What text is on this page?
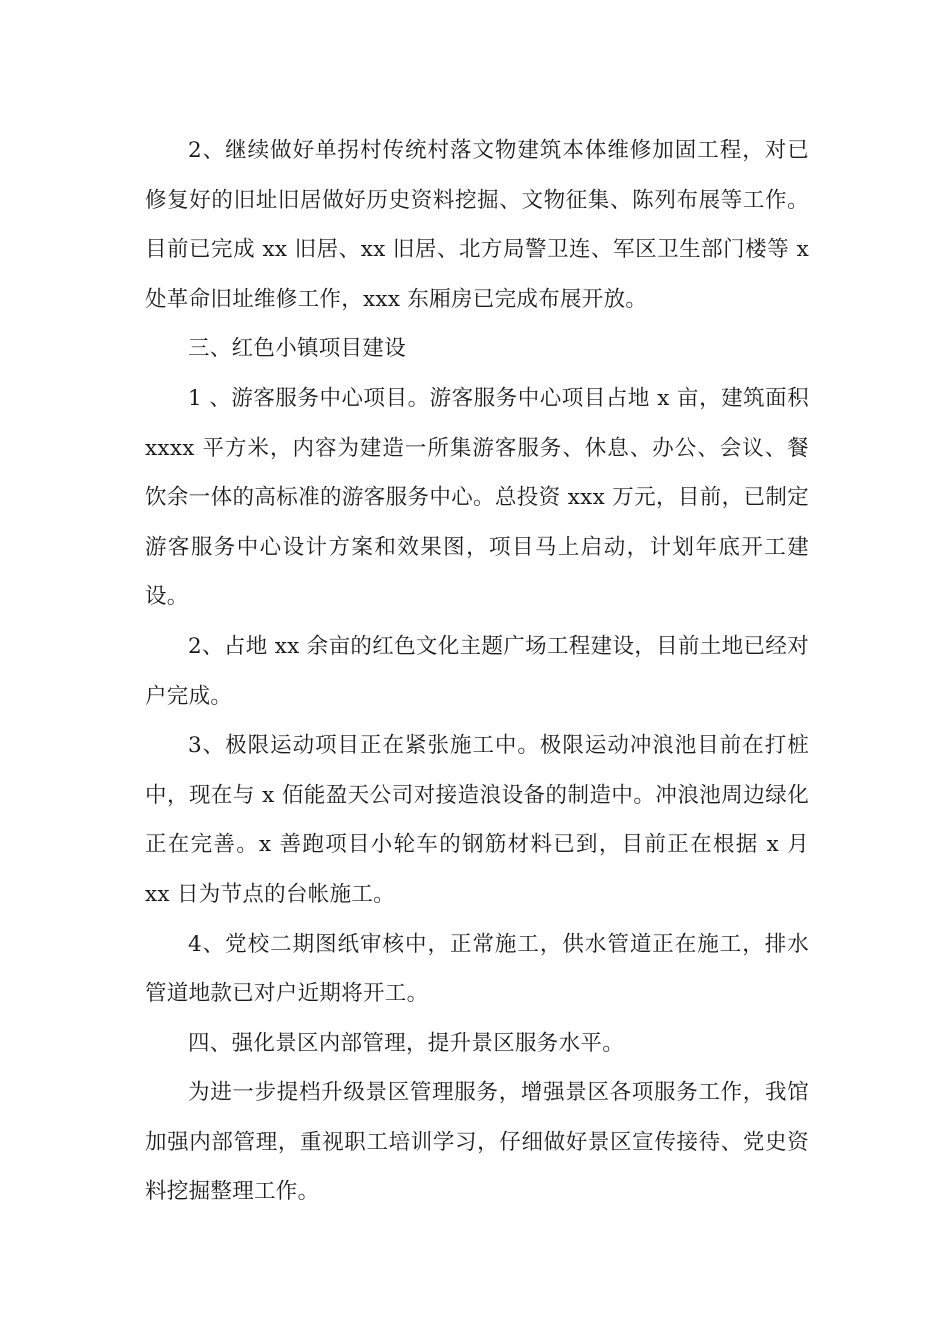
2、继续做好单拐村传统村落文物建筑本体维修加固工程，对已修复好的旧址旧居做好历史资料挖掘、文物征集、陈列布展等工作。目前已完成 xx 旧居、xx 旧居、北方局警卫连、军区卫生部门楼等 x 处革命旧址维修工作，xxx 东厢房已完成布展开放。

三、红色小镇项目建设

1 、游客服务中心项目。游客服务中心项目占地 x 亩，建筑面积 xxxx 平方米，内容为建造一所集游客服务、休息、办公、会议、餐饮余一体的高标准的游客服务中心。总投资 xxx 万元，目前，已制定游客服务中心设计方案和效果图，项目马上启动，计划年底开工建设。

2、占地 xx 余亩的红色文化主题广场工程建设，目前土地已经对户完成。

3、极限运动项目正在紧张施工中。极限运动冲浪池目前在打桩中，现在与 x 佰能盈天公司对接造浪设备的制造中。冲浪池周边绿化正在完善。x 善跑项目小轮车的钢筋材料已到，目前正在根据 x 月 xx 日为节点的台帐施工。

4、党校二期图纸审核中，正常施工，供水管道正在施工，排水管道地款已对户近期将开工。

四、强化景区内部管理，提升景区服务水平。

为进一步提档升级景区管理服务，增强景区各项服务工作，我馆加强内部管理，重视职工培训学习，仔细做好景区宣传接待、党史资料挖掘整理工作。
